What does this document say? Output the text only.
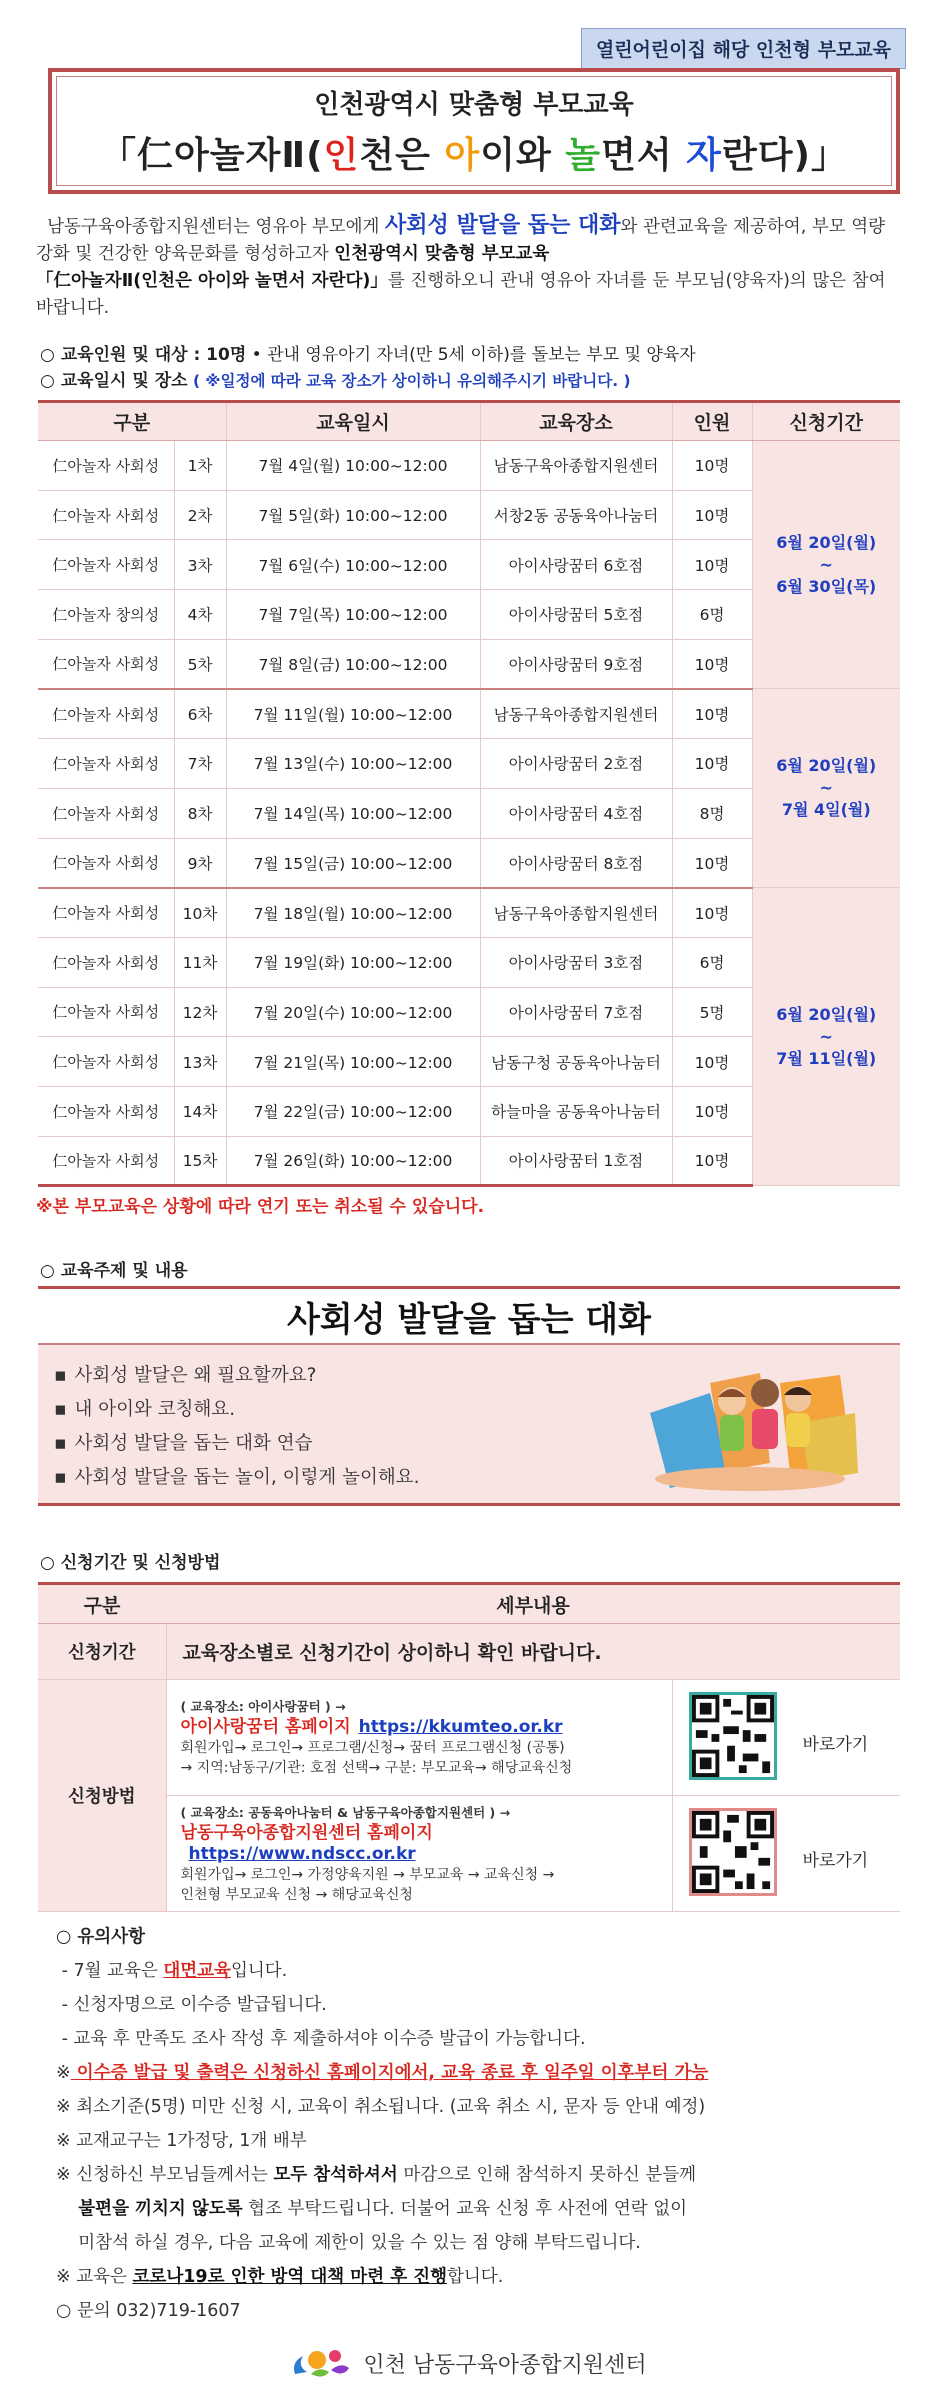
열린어린이집 해당 인천형 부모교육
인천광역시 맞춤형 부모교육
「仁아놀자Ⅱ(인천은 아이와 놀면서 자란다)」

남동구육아종합지원센터는 영유아 부모에게 사회성 발달을 돕는 대화와 관련교육을 제공하여, 부모 역량 강화 및 건강한 양육문화를 형성하고자 인천광역시 맞춤형 부모교육 「仁아놀자Ⅱ(인천은 아이와 놀면서 자란다)」를 진행하오니 관내 영유아 자녀를 둔 부모님(양육자)의 많은 참여 바랍니다.

○ 교육인원 및 대상 : 10명 • 관내 영유아기 자녀(만 5세 이하)를 돌보는 부모 및 양육자
○ 교육일시 및 장소 ( ※일정에 따라 교육 장소가 상이하니 유의해주시기 바랍니다. )
구분		교육일시	교육장소	인원	신청기간
仁아놀자 사회성	1차	7월 4일(월) 10:00~12:00	남동구육아종합지원센터	10명	6월 20일(월)
~
6월 30일(목)

仁아놀자 사회성	2차	7월 5일(화) 10:00~12:00	서창2동 공동육아나눔터	10명	
仁아놀자 사회성	3차	7월 6일(수) 10:00~12:00	아이사랑꿈터 6호점	10명	
仁아놀자 창의성	4차	7월 7일(목) 10:00~12:00	아이사랑꿈터 5호점	6명	
仁아놀자 사회성	5차	7월 8일(금) 10:00~12:00	아이사랑꿈터 9호점	10명	
仁아놀자 사회성	6차	7월 11일(월) 10:00~12:00	남동구육아종합지원센터	10명	6월 20일(월)
~
7월 4일(월)

仁아놀자 사회성	7차	7월 13일(수) 10:00~12:00	아이사랑꿈터 2호점	10명	
仁아놀자 사회성	8차	7월 14일(목) 10:00~12:00	아이사랑꿈터 4호점	8명	
仁아놀자 사회성	9차	7월 15일(금) 10:00~12:00	아이사랑꿈터 8호점	10명	
仁아놀자 사회성	10차	7월 18일(월) 10:00~12:00	남동구육아종합지원센터	10명	6월 20일(월)
~
7월 11일(월)

仁아놀자 사회성	11차	7월 19일(화) 10:00~12:00	아이사랑꿈터 3호점	6명	
仁아놀자 사회성	12차	7월 20일(수) 10:00~12:00	아이사랑꿈터 7호점	5명	
仁아놀자 사회성	13차	7월 21일(목) 10:00~12:00	남동구청 공동육아나눔터	10명	
仁아놀자 사회성	14차	7월 22일(금) 10:00~12:00	하늘마을 공동육아나눔터	10명	
仁아놀자 사회성	15차	7월 26일(화) 10:00~12:00	아이사랑꿈터 1호점	10명	
※본 부모교육은 상황에 따라 연기 또는 취소될 수 있습니다.
○ 교육주제 및 내용
사회성 발달을 돕는 대화
▪ 사회성 발달은 왜 필요할까요?
▪ 내 아이와 코칭해요.
▪ 사회성 발달을 돕는 대화 연습
▪ 사회성 발달을 돕는 놀이, 이렇게 놀이해요.
○ 신청기간 및 신청방법
구분	세부내용	
신청기간	교육장소별로 신청기간이 상이하니 확인 바랍니다.	
신청방법	( 교육장소: 아이사랑꿈터 ) →
아이사랑꿈터 홈페이지 https://kkumteo.or.kr
회원가입→ 로그인→ 프로그램/신청→ 꿈터 프로그램신청 (공통)
→ 지역:남동구/기관: 호점 선택→ 구분: 부모교육→ 해당교육신청	바로가기

	( 교육장소: 공동육아나눔터 & 남동구육아종합지원센터 ) →
남동구육아종합지원센터 홈페이지https://www.ndscc.or.kr
회원가입→ 로그인→ 가정양육지원 → 부모교육 → 교육신청 →
인천형 부모교육 신청 → 해당교육신청	바로가기
○ 유의사항
- 7월 교육은 대면교육입니다.
- 신청자명으로 이수증 발급됩니다.
- 교육 후 만족도 조사 작성 후 제출하셔야 이수증 발급이 가능합니다.
※ 이수증 발급 및 출력은 신청하신 홈페이지에서, 교육 종료 후 일주일 이후부터 가능
※ 최소기준(5명) 미만 신청 시, 교육이 취소됩니다. (교육 취소 시, 문자 등 안내 예정)
※ 교재교구는 1가정당, 1개 배부
※ 신청하신 부모님들께서는 모두 참석하셔서 마감으로 인해 참석하지 못하신 분들께
불편을 끼치지 않도록 협조 부탁드립니다. 더불어 교육 신청 후 사전에 연락 없이
미참석 하실 경우, 다음 교육에 제한이 있을 수 있는 점 양해 부탁드립니다.
※ 교육은 코로나19로 인한 방역 대책 마련 후 진행합니다.
○ 문의 032)719-1607
인천 남동구육아종합지원센터
